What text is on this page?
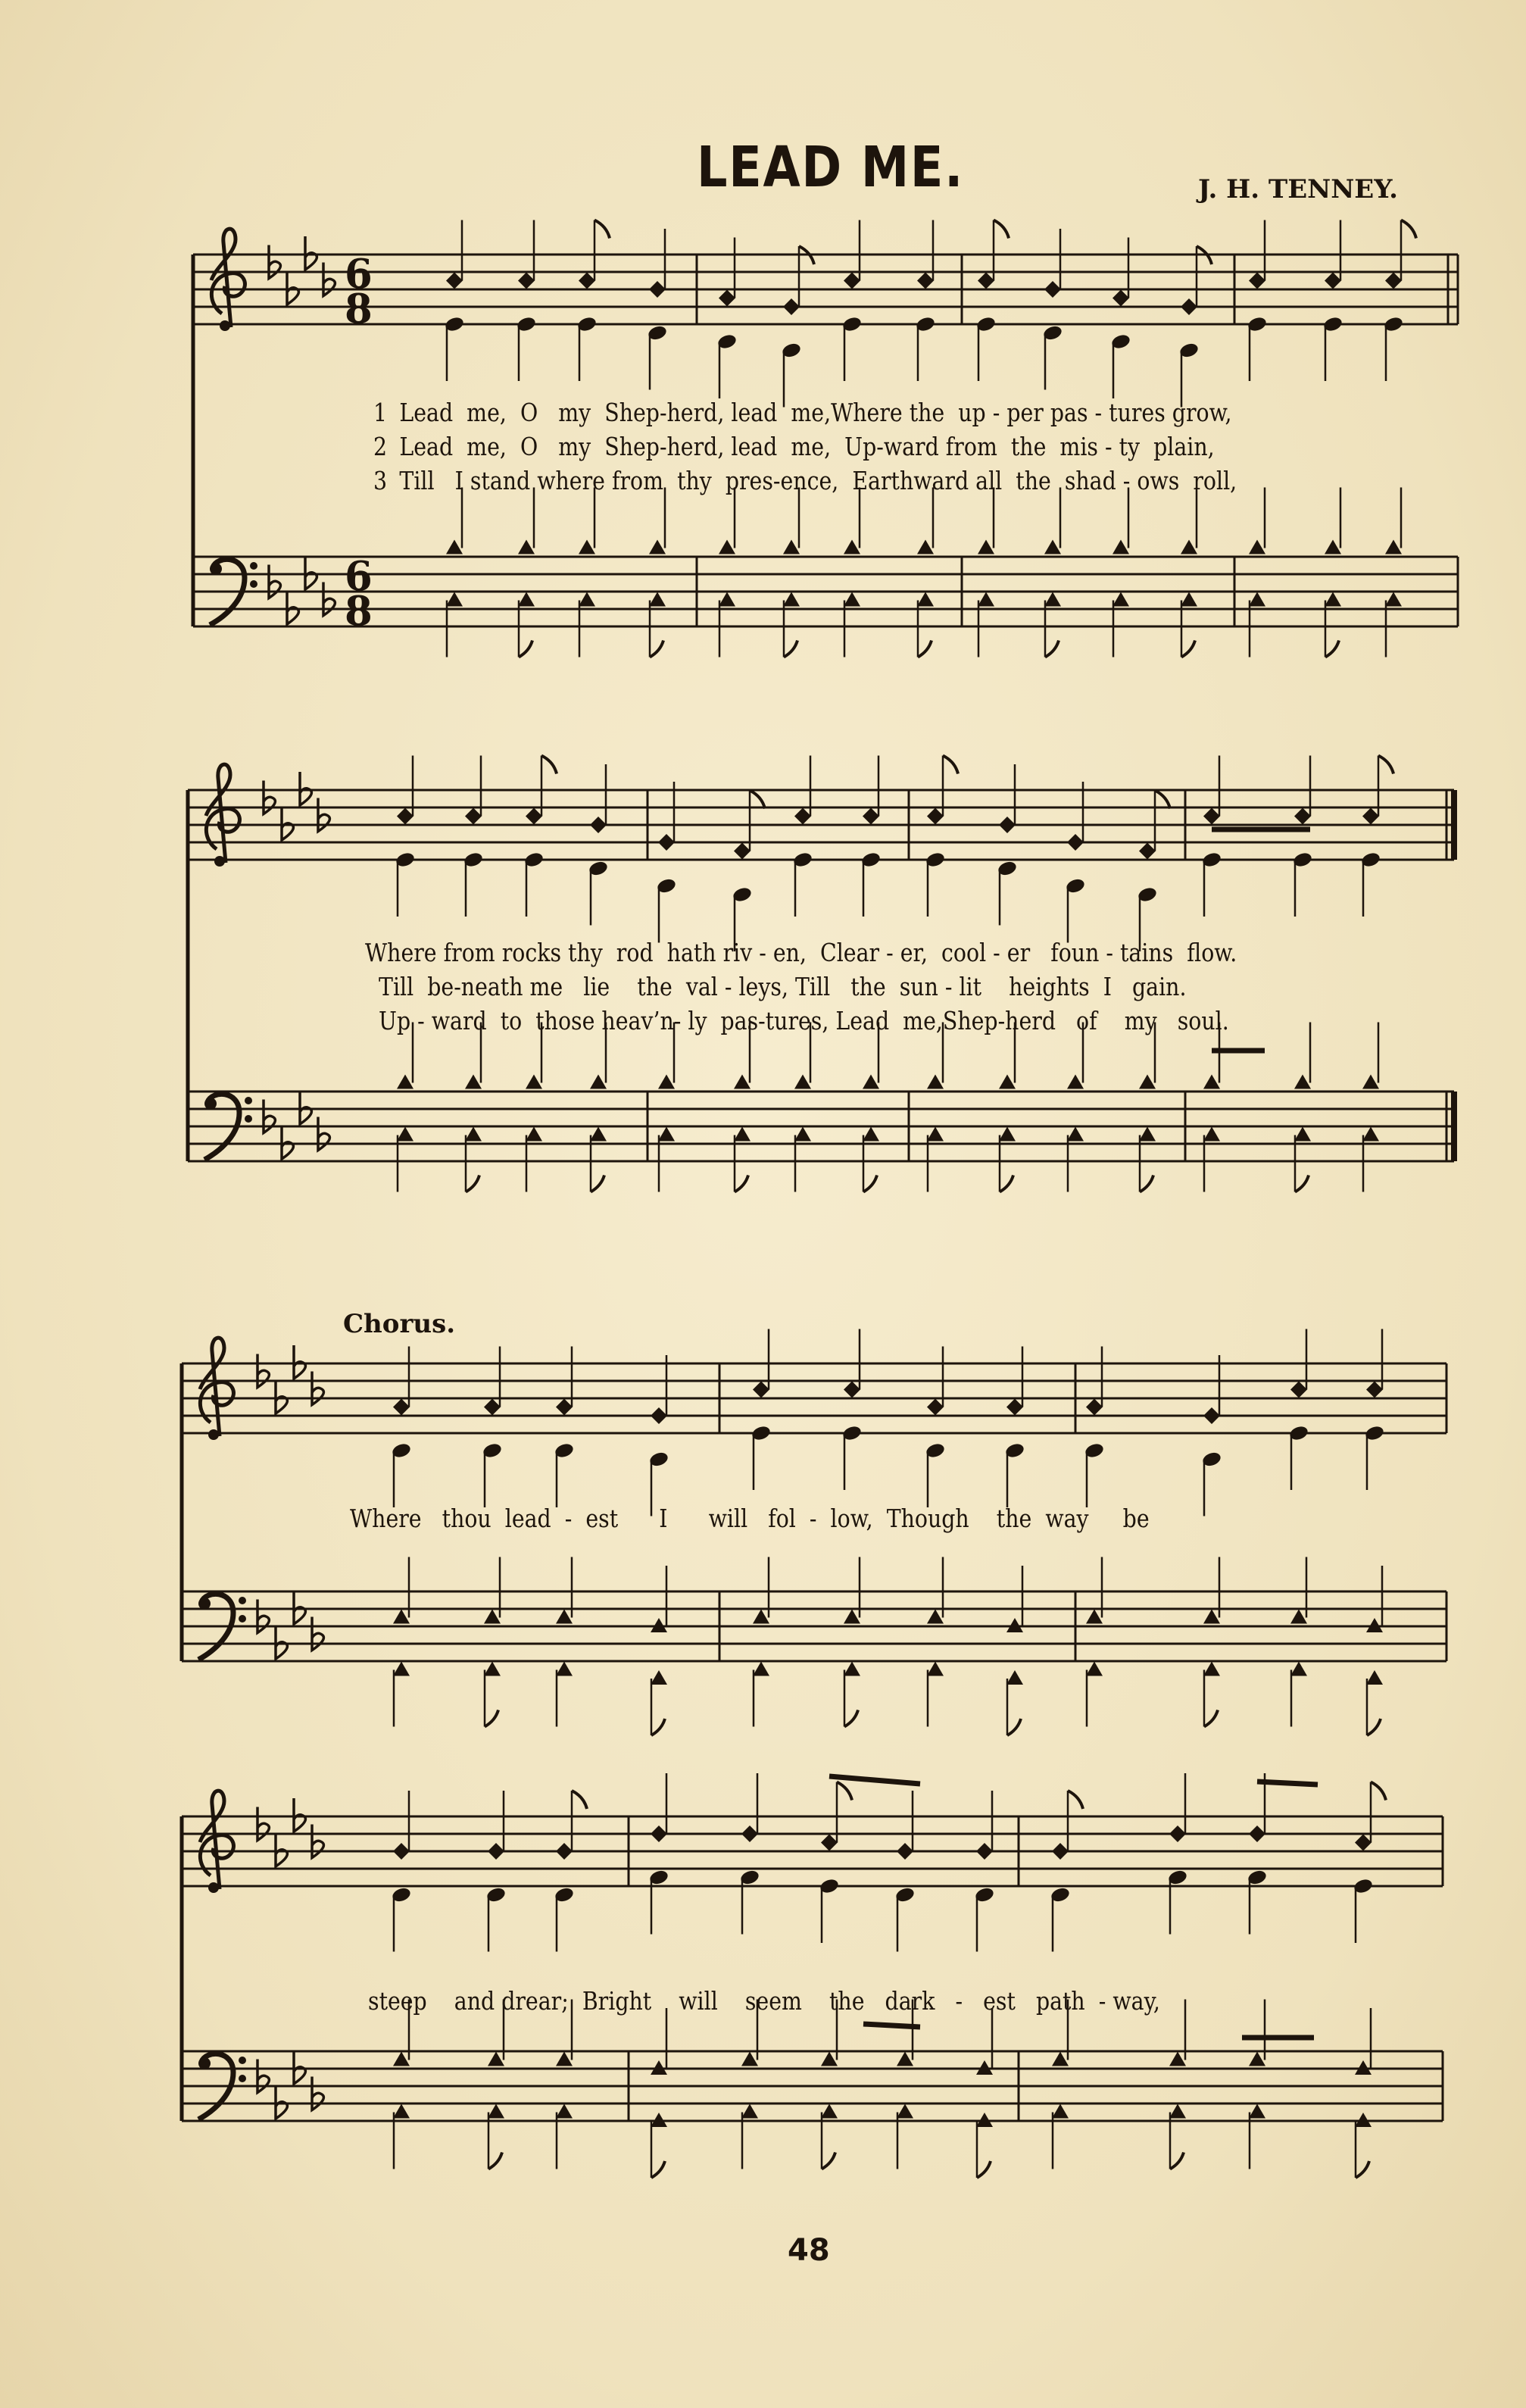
LEAD ME.	J. H. TENNEY.
6
8
6
8
Chorus.
1 Lead  me,  O   my  Shep-herd, lead  me,Where the  up - per pas - tures grow,
2 Lead  me,  O   my  Shep-herd, lead  me,  Up-ward from  the  mis - ty  plain,
3 Till   I stand where from  thy  pres-ence,  Earthward all  the  shad - ows  roll,
Where from rocks thy  rod  hath riv - en,  Clear - er,  cool - er   foun - tains  flow.
Till  be-neath me   lie    the  val - leys, Till   the  sun - lit    heights  I   gain.
Up - ward  to  those heav’n- ly  pas-tures, Lead  me,Shep-herd   of    my   soul.
Where   thou  lead  -  est      I      will   fol  -  low,  Though    the  way     be
steep    and drear;  Bright    will    seem    the   dark   -   est   path  - way,
48
